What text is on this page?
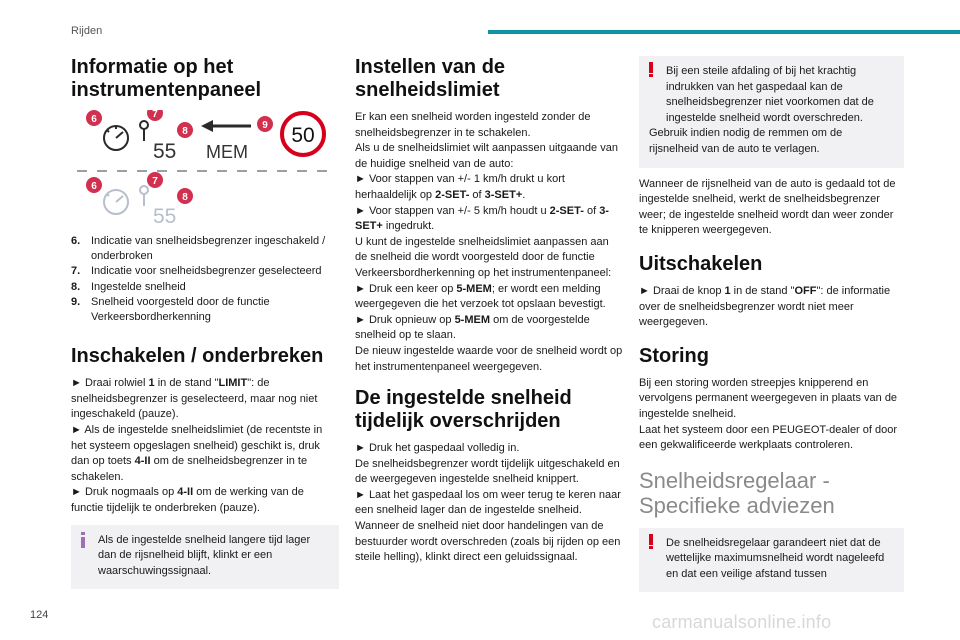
Rijden
Informatie op het instrumentenpaneel
55 MEM
50
55
6	7
8
9
6	7
8
6. Indicatie van snelheidsbegrenzer ingeschakeld / onderbroken
7. Indicatie voor snelheidsbegrenzer geselecteerd
8. Ingestelde snelheid
9. Snelheid voorgesteld door de functie Verkeersbordherkenning
Inschakelen / onderbreken

► Draai rolwiel 1 in de stand "LIMIT": de snelheidsbegrenzer is geselecteerd, maar nog niet ingeschakeld (pauze).

► Als de ingestelde snelheidslimiet (de recentste in het systeem opgeslagen snelheid) geschikt is, druk dan op toets 4-II om de snelheidsbegrenzer in te schakelen.

► Druk nogmaals op 4-II om de werking van de functie tijdelijk te onderbreken (pauze).

Als de ingestelde snelheid langere tijd lager dan de rijsnelheid blijft, klinkt er een waarschuwingssignaal.
Instellen van de snelheidslimiet

Er kan een snelheid worden ingesteld zonder de snelheidsbegrenzer in te schakelen.

Als u de snelheidslimiet wilt aanpassen uitgaande van de huidige snelheid van de auto:

► Voor stappen van +/- 1 km/h drukt u kort herhaaldelijk op 2-SET- of 3-SET+.

► Voor stappen van +/- 5 km/h houdt u 2-SET- of 3-SET+ ingedrukt.

U kunt de ingestelde snelheidslimiet aanpassen aan de snelheid die wordt voorgesteld door de functie Verkeersbordherkenning op het instrumentenpaneel:

► Druk een keer op 5-MEM; er wordt een melding weergegeven die het verzoek tot opslaan bevestigt.

► Druk opnieuw op 5-MEM om de voorgestelde snelheid op te slaan.

De nieuw ingestelde waarde voor de snelheid wordt op het instrumentenpaneel weergegeven.

De ingestelde snelheid tijdelijk overschrijden

► Druk het gaspedaal volledig in.

De snelheidsbegrenzer wordt tijdelijk uitgeschakeld en de weergegeven ingestelde snelheid knippert.

► Laat het gaspedaal los om weer terug te keren naar een snelheid lager dan de ingestelde snelheid.

Wanneer de snelheid niet door handelingen van de bestuurder wordt overschreden (zoals bij rijden op een steile helling), klinkt direct een geluidssignaal.

Bij een steile afdaling of bij het krachtig indrukken van het gaspedaal kan de snelheidsbegrenzer niet voorkomen dat de ingestelde snelheid wordt overschreden.
Gebruik indien nodig de remmen om de rijsnelheid van de auto te verlagen.

Wanneer de rijsnelheid van de auto is gedaald tot de ingestelde snelheid, werkt de snelheidsbegrenzer weer; de ingestelde snelheid wordt dan weer zonder te knipperen weergegeven.

Uitschakelen

► Draai de knop 1 in de stand "OFF": de informatie over de snelheidsbegrenzer wordt niet meer weergegeven.

Storing

Bij een storing worden streepjes knipperend en vervolgens permanent weergegeven in plaats van de ingestelde snelheid.

Laat het systeem door een PEUGEOT-dealer of door een gekwalificeerde werkplaats controleren.

Snelheidsregelaar - Specifieke adviezen
De snelheidsregelaar garandeert niet dat de wettelijke maximumsnelheid wordt nageleefd en dat een veilige afstand tussen
124	carmanualsonline.info
